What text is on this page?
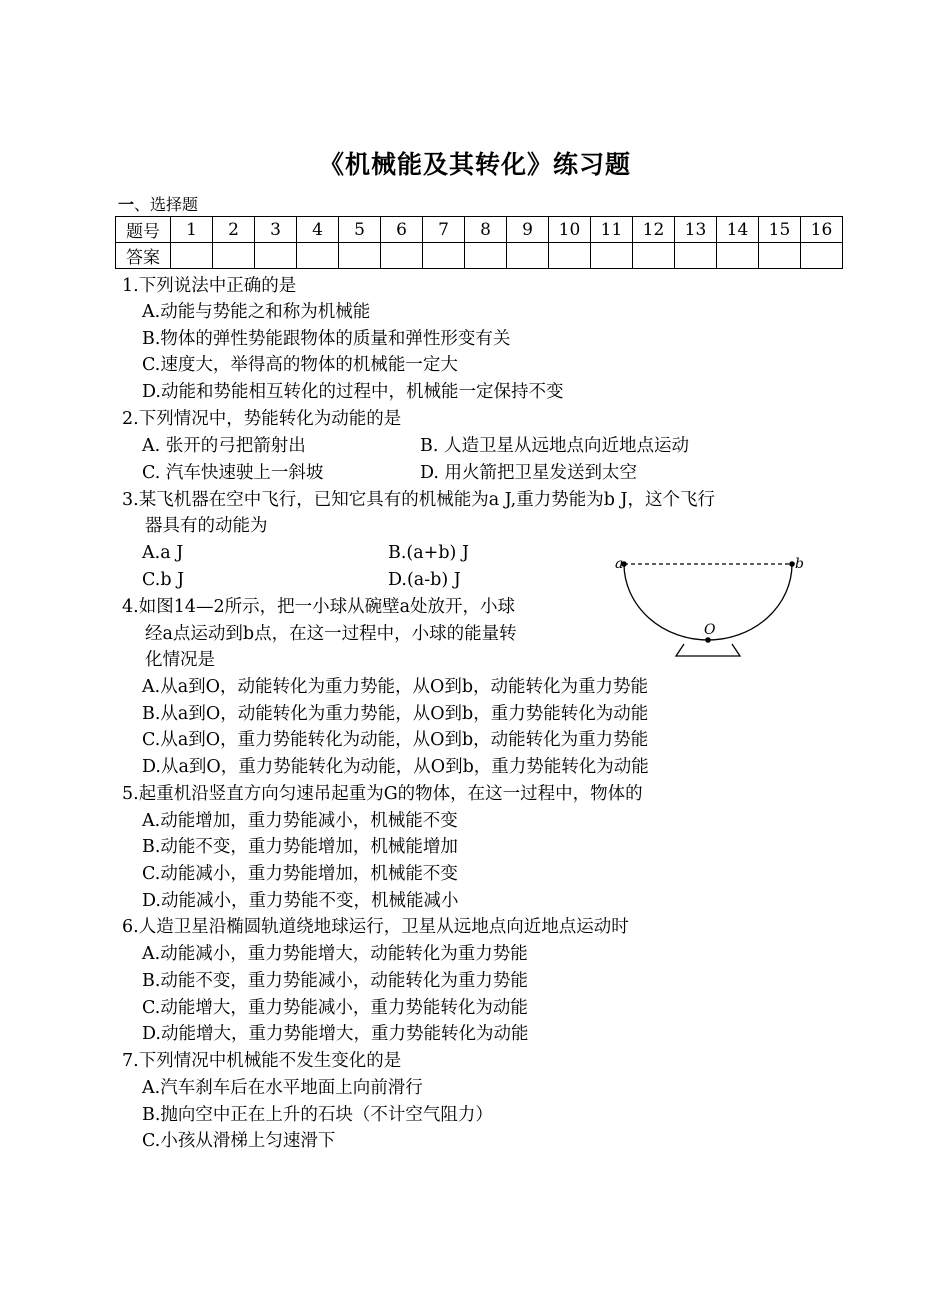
《机械能及其转化》练习题
一、选择题
题号	1	2	3	4	5	6	7	8	9	10	11	12	13	14	15	16
答案																
1.下列说法中正确的是
A.动能与势能之和称为机械能
B.物体的弹性势能跟物体的质量和弹性形变有关
C.速度大，举得高的物体的机械能一定大
D.动能和势能相互转化的过程中，机械能一定保持不变
2.下列情况中，势能转化为动能的是
A. 张开的弓把箭射出	B. 人造卫星从远地点向近地点运动
C. 汽车快速驶上一斜坡	D. 用火箭把卫星发送到太空
3.某飞机器在空中飞行，已知它具有的机械能为a J,重力势能为b J，这个飞行
器具有的动能为
A.a J	B.(a+b) J
C.b J	D.(a-b) J
a	b
O
4.如图14—2所示，把一小球从碗壁a处放开，小球
经a点运动到b点，在这一过程中，小球的能量转
化情况是
A.从a到O，动能转化为重力势能，从O到b，动能转化为重力势能
B.从a到O，动能转化为重力势能，从O到b，重力势能转化为动能
C.从a到O，重力势能转化为动能，从O到b，动能转化为重力势能
D.从a到O，重力势能转化为动能，从O到b，重力势能转化为动能
5.起重机沿竖直方向匀速吊起重为G的物体，在这一过程中，物体的
A.动能增加，重力势能减小，机械能不变
B.动能不变，重力势能增加，机械能增加
C.动能减小，重力势能增加，机械能不变
D.动能减小，重力势能不变，机械能减小
6.人造卫星沿椭圆轨道绕地球运行，卫星从远地点向近地点运动时
A.动能减小，重力势能增大，动能转化为重力势能
B.动能不变，重力势能减小，动能转化为重力势能
C.动能增大，重力势能减小，重力势能转化为动能
D.动能增大，重力势能增大，重力势能转化为动能
7.下列情况中机械能不发生变化的是
A.汽车刹车后在水平地面上向前滑行
B.抛向空中正在上升的石块（不计空气阻力）
C.小孩从滑梯上匀速滑下
